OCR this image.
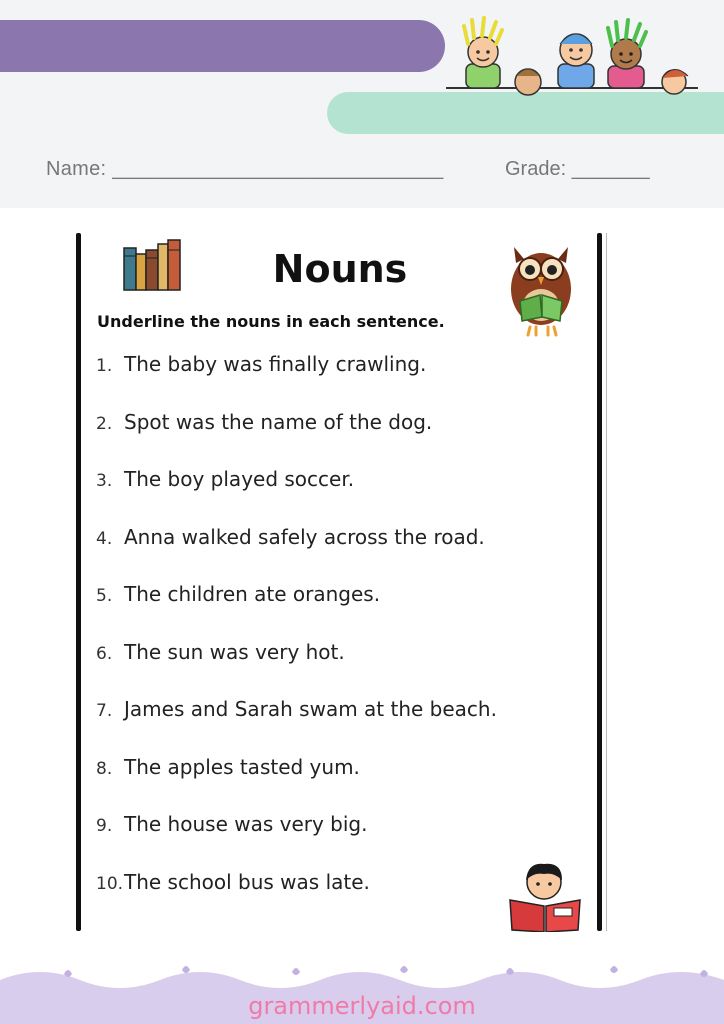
Name: _____________________________	Grade: _______
Nouns
Underline the nouns in each sentence.
1. The baby was finally crawling.
2. Spot was the name of the dog.
3. The boy played soccer.
4. Anna walked safely across the road.
5. The children ate oranges.
6. The sun was very hot.
7. James and Sarah swam at the beach.
8. The apples tasted yum.
9. The house was very big.
10. The school bus was late.
grammerlyaid.com
